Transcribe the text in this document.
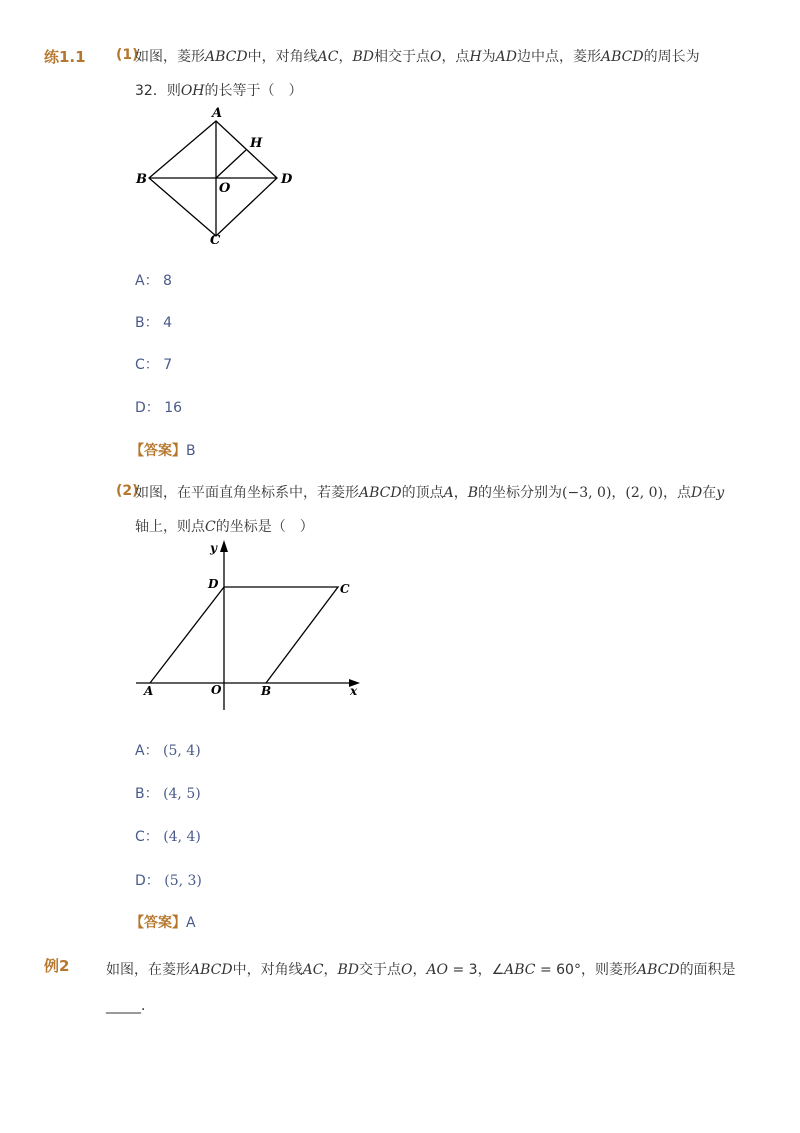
练1.1 (1)
如图，菱形ABCD中，对角线AC，BD相交于点O，点H为AD边中点，菱形ABCD的周长为
32．则OH的长等于（　）
A
B
C
D
O
H
A： 8
B： 4
C： 7
D： 16
【答案】B
(2)
如图，在平面直角坐标系中，若菱形ABCD的顶点A，B的坐标分别为(−3, 0)，(2, 0)，点D在y
轴上，则点C的坐标是（　）
y
x
D	C
A	O	B
A： (5, 4)
B： (4, 5)
C： (4, 4)
D： (5, 3)
【答案】A
例2	如图，在菱形ABCD中，对角线AC，BD交于点O，AO = 3，∠ABC = 60°，则菱形ABCD的面积是
_____．
